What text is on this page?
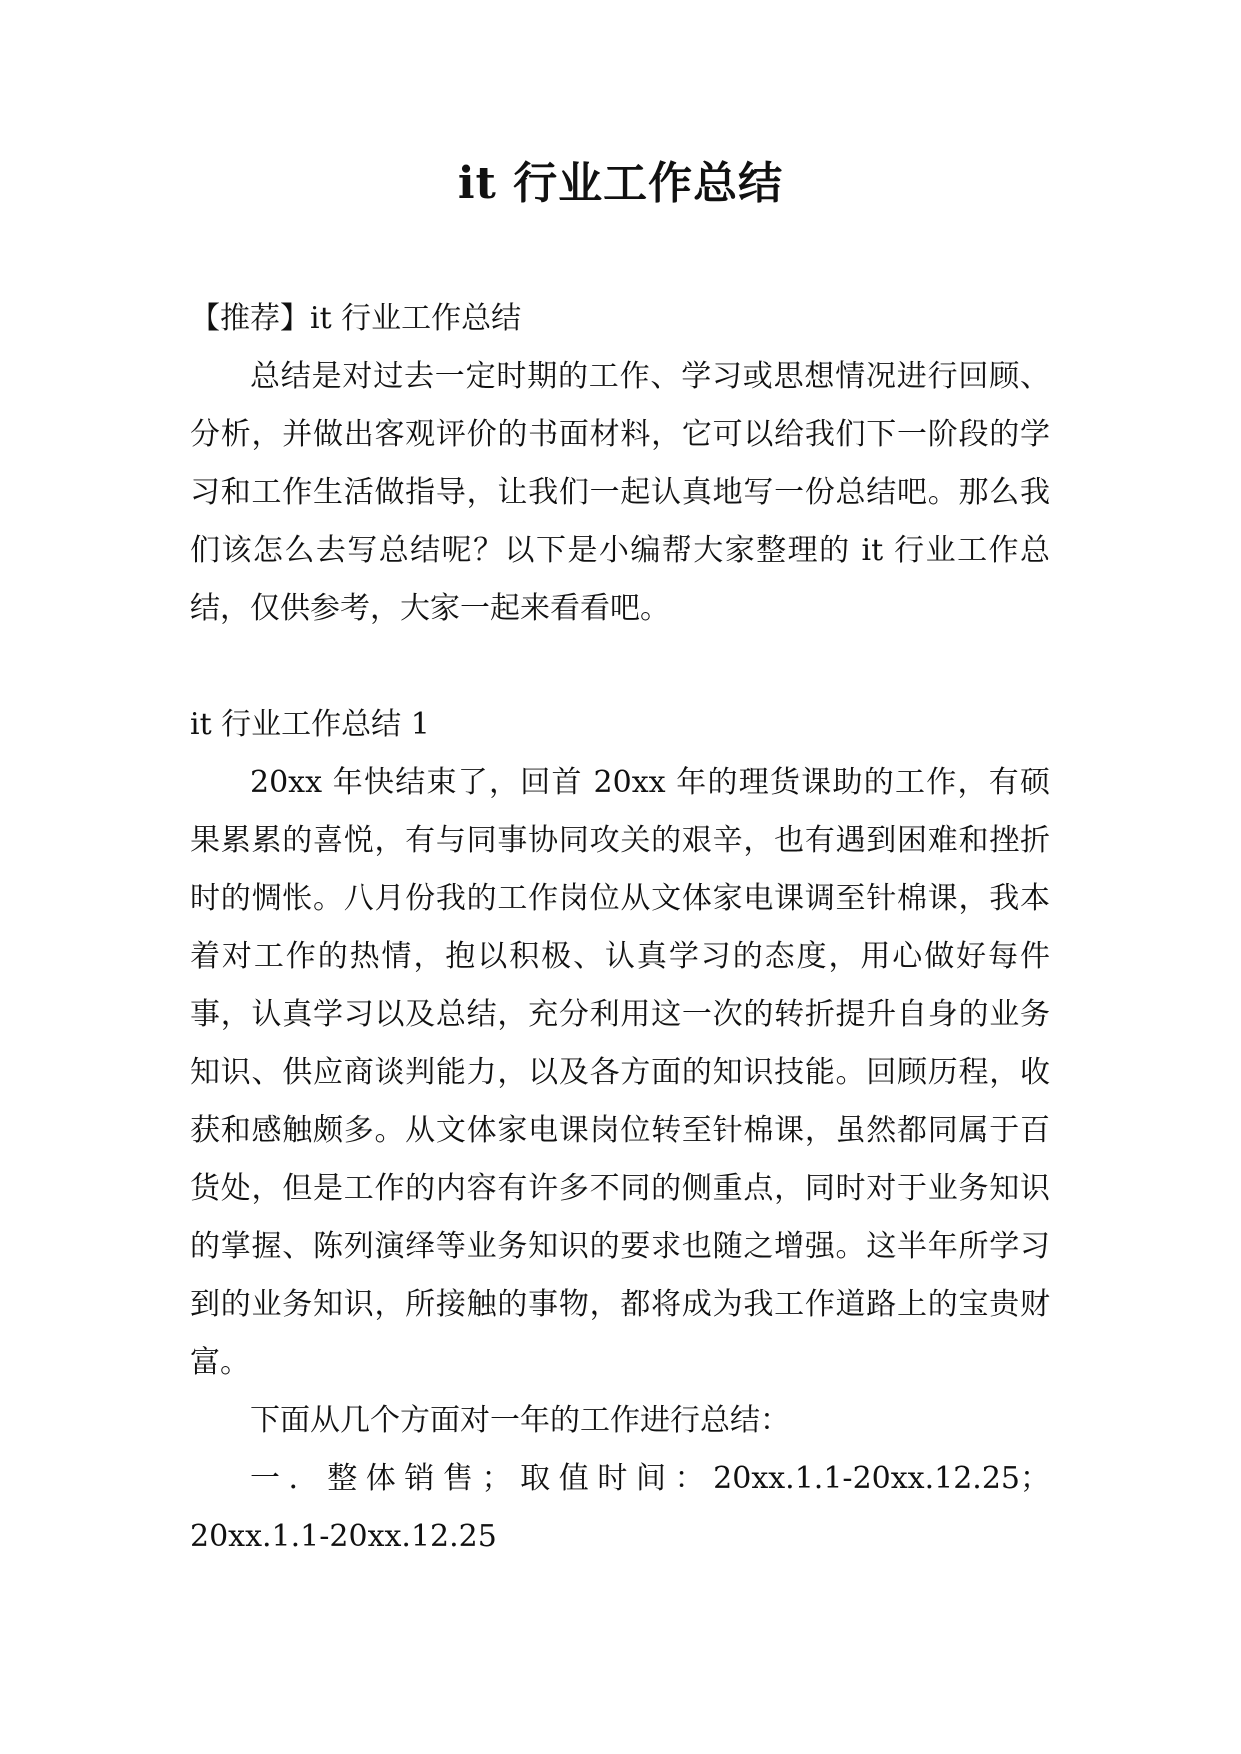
it 行业工作总结

【推荐】it 行业工作总结

总结是对过去一定时期的工作、学习或思想情况进行回顾、分析，并做出客观评价的书面材料，它可以给我们下一阶段的学习和工作生活做指导，让我们一起认真地写一份总结吧。那么我们该怎么去写总结呢？以下是小编帮大家整理的 it 行业工作总结，仅供参考，大家一起来看看吧。

it 行业工作总结 1

20xx 年快结束了，回首 20xx 年的理货课助的工作，有硕果累累的喜悦，有与同事协同攻关的艰辛，也有遇到困难和挫折时的惆怅。八月份我的工作岗位从文体家电课调至针棉课，我本着对工作的热情，抱以积极、认真学习的态度，用心做好每件事，认真学习以及总结，充分利用这一次的转折提升自身的业务知识、供应商谈判能力，以及各方面的知识技能。回顾历程，收获和感触颇多。从文体家电课岗位转至针棉课，虽然都同属于百货处，但是工作的内容有许多不同的侧重点，同时对于业务知识的掌握、陈列演绎等业务知识的要求也随之增强。这半年所学习到的业务知识，所接触的事物，都将成为我工作道路上的宝贵财富。

下面从几个方面对一年的工作进行总结：

一．整体销售；取值时间：20xx.1.1-20xx.12.25；20xx.1.1-20xx.12.25
